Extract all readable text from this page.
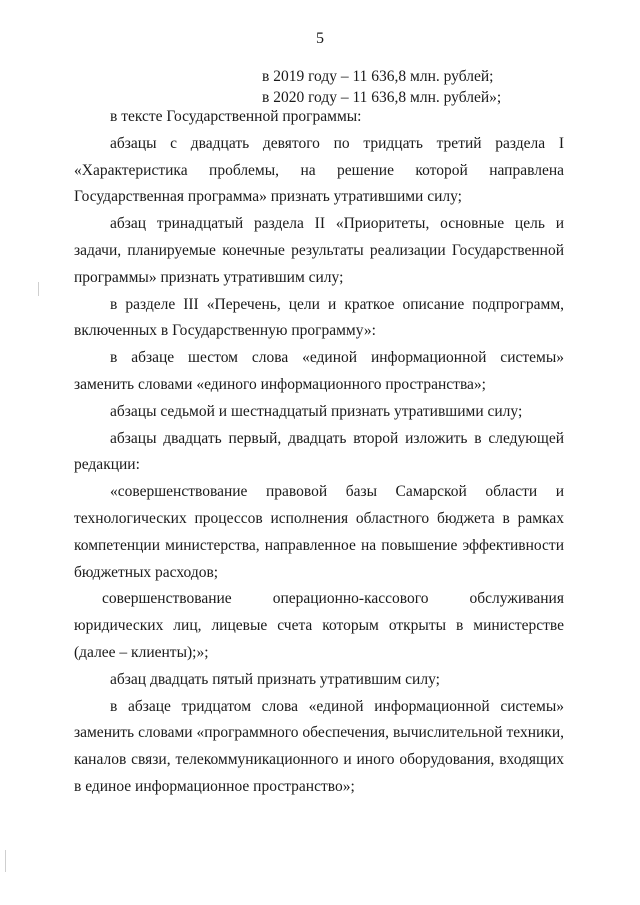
5
в 2019 году – 11 636,8 млн. рублей;
в 2020 году – 11 636,8 млн. рублей»;

в тексте Государственной программы:

абзацы с двадцать девятого по тридцать третий раздела I «Характеристика проблемы, на решение которой направлена Государственная программа» признать утратившими силу;

абзац тринадцатый раздела II «Приоритеты, основные цель и задачи, планируемые конечные результаты реализации Государственной программы» признать утратившим силу;

в разделе III «Перечень, цели и краткое описание подпрограмм, включенных в Государственную программу»:

в абзаце шестом слова «единой информационной системы» заменить словами «единого информационного пространства»;

абзацы седьмой и шестнадцатый признать утратившими силу;

абзацы двадцать первый, двадцать второй изложить в следующей редакции:

«совершенствование правовой базы Самарской области и технологических процессов исполнения областного бюджета в рамках компетенции министерства, направленное на повышение эффективности бюджетных расходов;

совершенствование операционно-кассового обслуживания юридических лиц, лицевые счета которым открыты в министерстве (далее – клиенты);»;

абзац двадцать пятый признать утратившим силу;

в абзаце тридцатом слова «единой информационной системы» заменить словами «программного обеспечения, вычислительной техники, каналов связи, телекоммуникационного и иного оборудования, входящих в единое информационное пространство»;
